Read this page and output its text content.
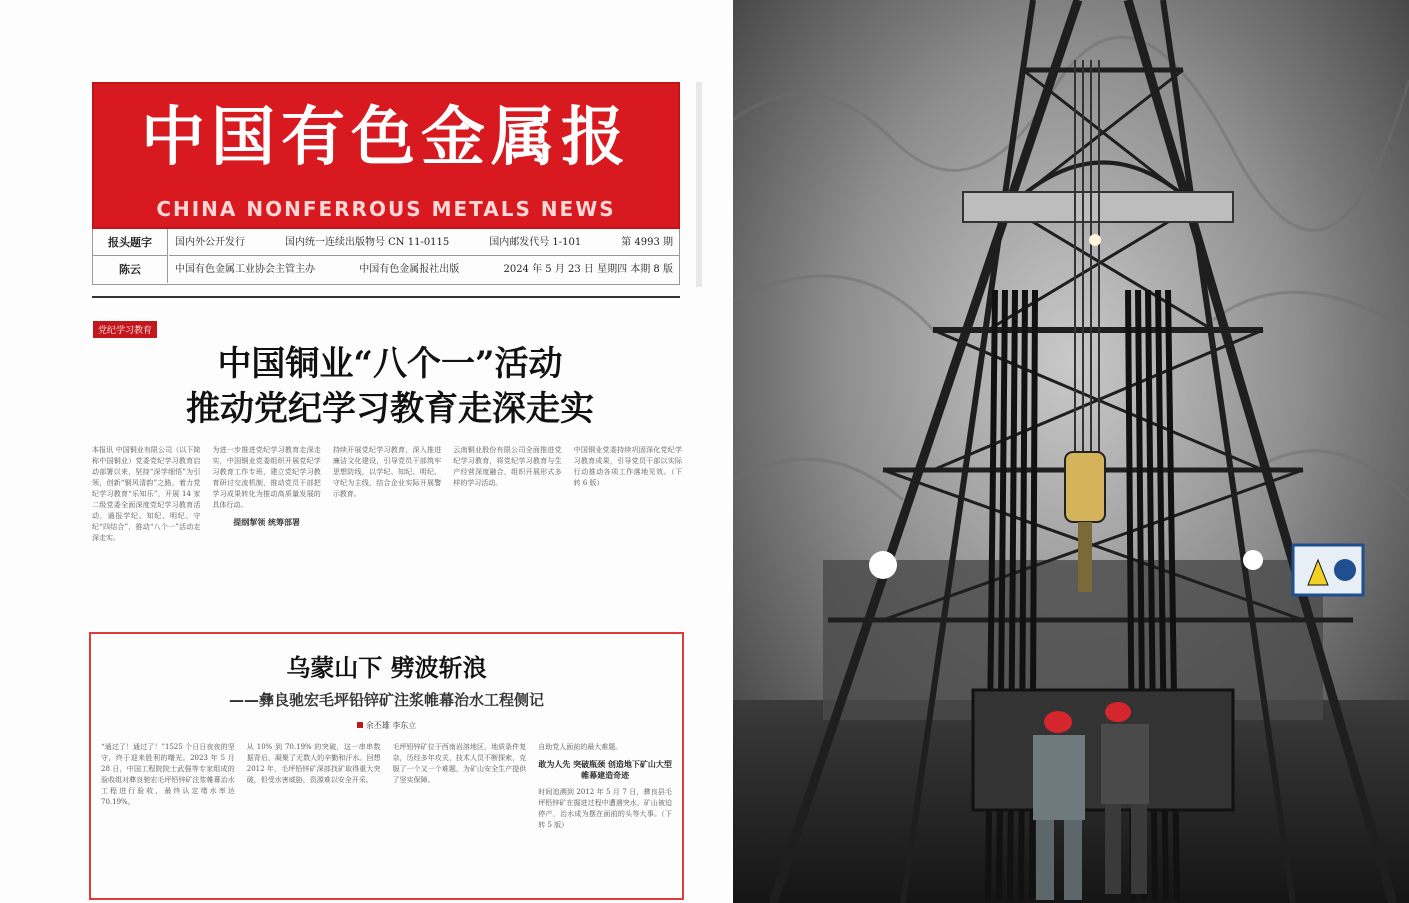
中国有色金属报
CHINA NONFERROUS METALS NEWS
报头题字
陈云
国内外公开发行	国内统一连续出版物号 CN 11-0115	国内邮发代号 1-101	第 4993 期
中国有色金属工业协会主管主办	中国有色金属报社出版	2024 年 5 月 23 日 星期四 本期 8 版
党纪学习教育
中国铜业“八个一”活动
推动党纪学习教育走深走实
本报讯 中国铜业有限公司（以下简称中国铜业）党委党纪学习教育启动部署以来，坚持“深学细悟”为引领，创新“铜风清韵”之路，着力党纪学习教育“乐知乐”，开展 14 家二级党委全面深度党纪学习教育活动，通报学纪、知纪、明纪、守纪“四结合”，推动“八个一”活动走深走实。
为进一步推进党纪学习教育走深走实，中国铜业党委组织开展党纪学习教育工作专班，建立党纪学习教育研讨交流机制，推动党员干部把学习成果转化为推动高质量发展的具体行动。
提纲挈领 统筹部署
持续开展党纪学习教育，深入推进廉洁文化建设，引导党员干部筑牢思想防线，以学纪、知纪、明纪、守纪为主线，结合企业实际开展警示教育。
云南铜业股份有限公司全面推进党纪学习教育，将党纪学习教育与生产经营深度融合，组织开展形式多样的学习活动。
中国铜业党委持续巩固深化党纪学习教育成果，引导党员干部以实际行动推动各项工作落地见效。（下转 6 版）
乌蒙山下 劈波斩浪
——彝良驰宏毛坪铅锌矿注浆帷幕治水工程侧记
余丕雄 李东立
“通过了！通过了！”1525 个日日夜夜的坚守，终于迎来胜利的曙光。2023 年 5 月 28 日，中国工程院院士武强等专家组成的验收组对彝良驰宏毛坪铅锌矿注浆帷幕治水工程进行验收，最终认定堵水率达 70.19%。
从 10% 到 70.19% 的突破，这一串串数据背后，凝聚了无数人的辛勤和汗水。回想 2012 年，毛坪铅锌矿深部找矿取得重大突破，但受水害威胁，资源难以安全开采。
毛坪铅锌矿位于西南岩溶地区，地质条件复杂，历经多年攻关，技术人员不断探索，克服了一个又一个难题，为矿山安全生产提供了坚实保障。
自助党人面前的最大难题。
敢为人先 突破瓶颈 创造地下矿山大型帷幕建造奇迹
时间追溯到 2012 年 5 月 7 日，彝良县毛坪铅锌矿在掘进过程中遭遇突水，矿山被迫停产，治水成为摆在面前的头等大事。（下转 5 版）
